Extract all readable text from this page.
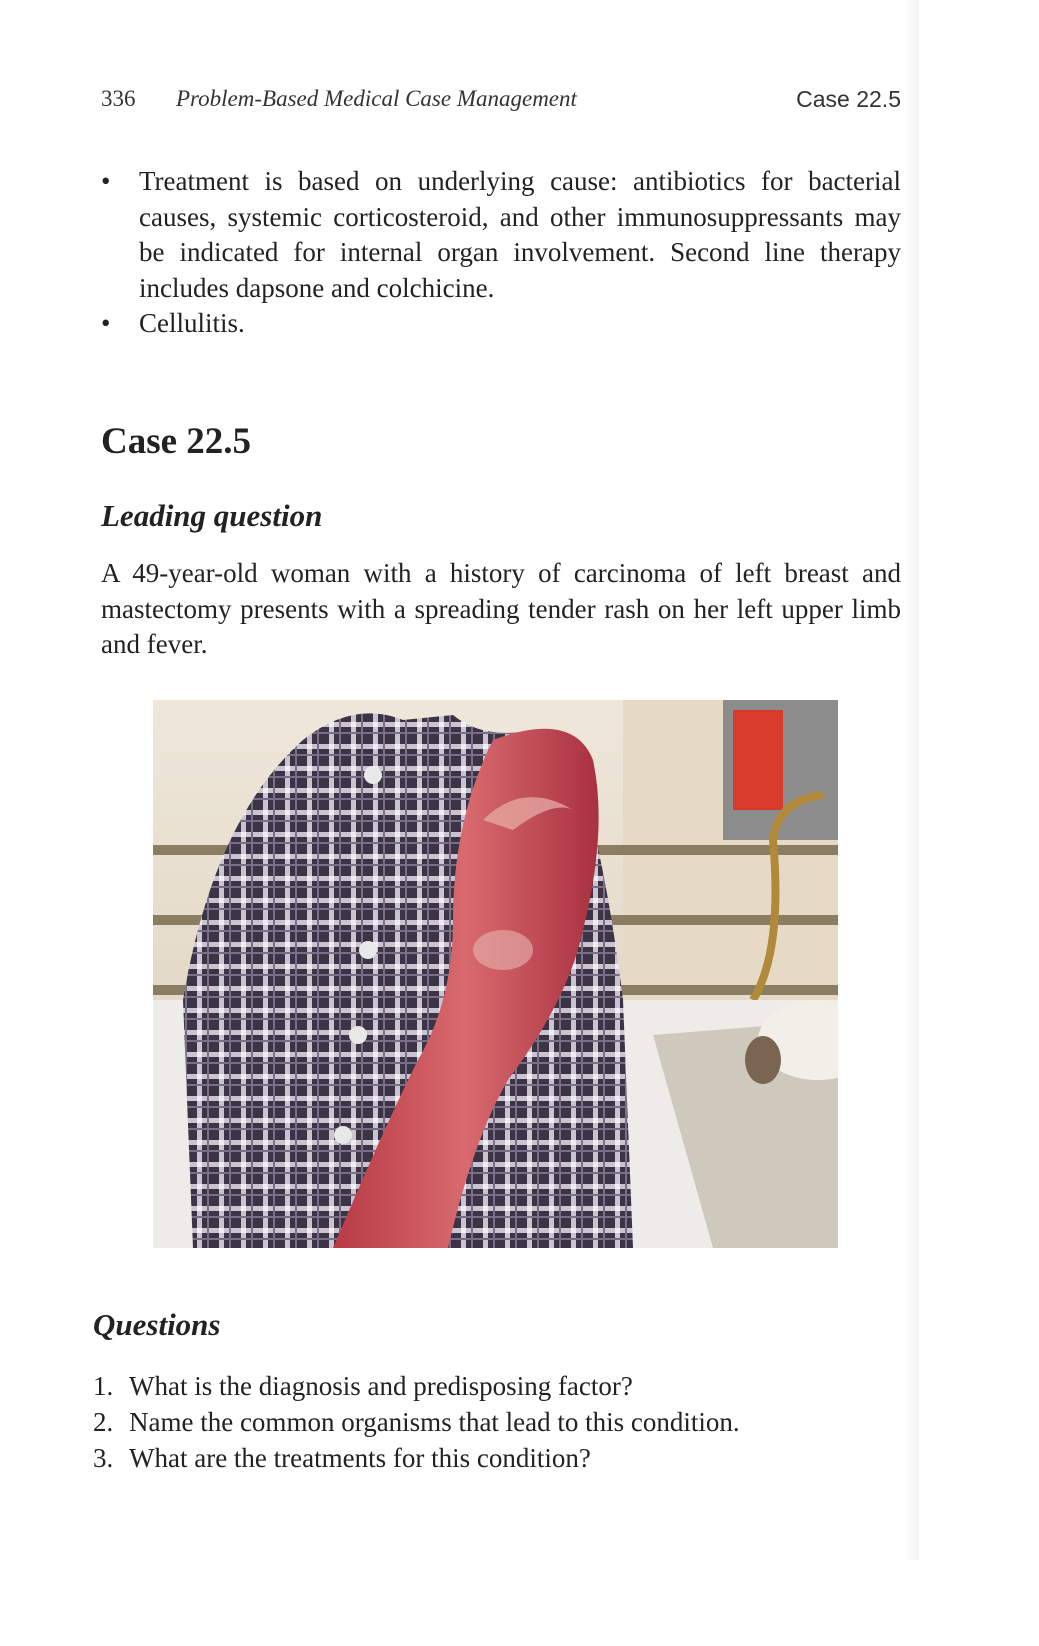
336 Problem-Based Medical Case Management	Case 22.5
• Treatment is based on underlying cause: antibiotics for bacterial causes, systemic corticosteroid, and other immunosuppressants may be indicated for internal organ involvement. Second line therapy includes dapsone and colchicine.
• Cellulitis.
Case 22.5
Leading question

A 49-year-old woman with a history of carcinoma of left breast and mastectomy presents with a spreading tender rash on her left upper limb and fever.

Questions
1. What is the diagnosis and predisposing factor?
2. Name the common organisms that lead to this condition.
3. What are the treatments for this condition?
